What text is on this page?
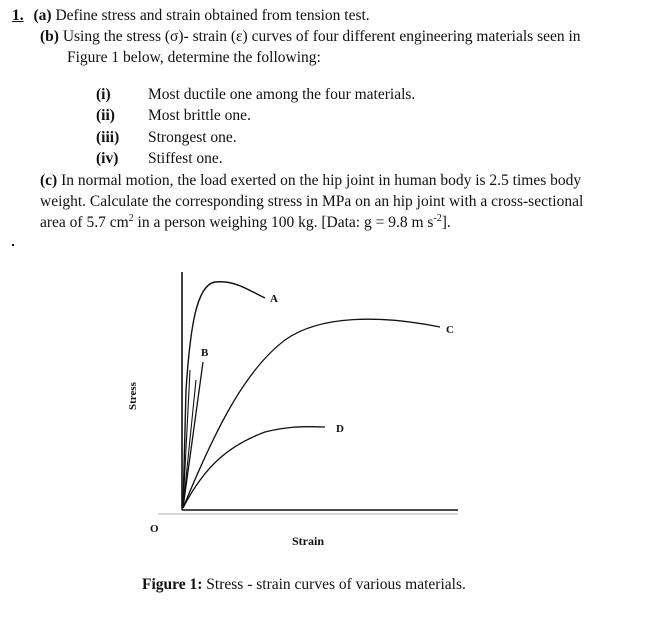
1. (a) Define stress and strain obtained from tension test.
(b) Using the stress (σ)- strain (ε) curves of four different engineering materials seen in
Figure 1 below, determine the following:
(i) Most ductile one among the four materials.
(ii) Most brittle one.
(iii) Strongest one.
(iv) Stiffest one.
(c) In normal motion, the load exerted on the hip joint in human body is 2.5 times body
weight. Calculate the corresponding stress in MPa on an hip joint with a cross-sectional
area of 5.7 $cm^2$ in a person weighing 100 kg. [Data: g = 9.8 m $s^{-2}$].
A
B
C
D
Stress
Strain
O
Figure 1: Stress - strain curves of various materials.
